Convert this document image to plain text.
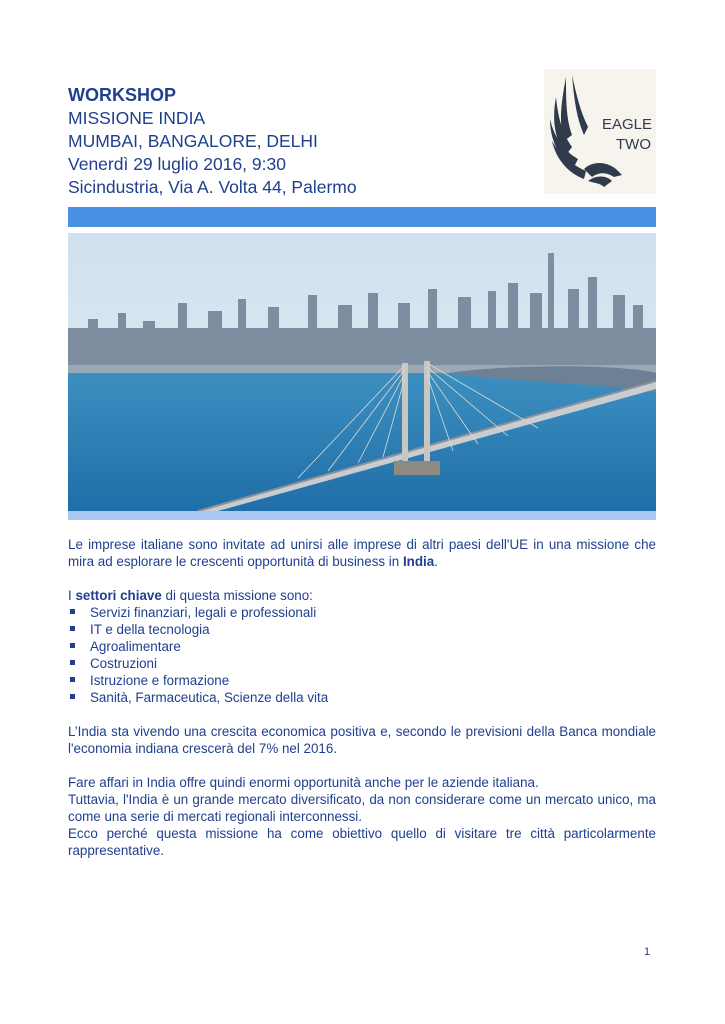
WORKSHOP
MISSIONE INDIA
MUMBAI, BANGALORE, DELHI
Venerdì 29 luglio 2016, 9:30
Sicindustria, Via A. Volta 44, Palermo
EAGLE
TWO

Le imprese italiane sono invitate ad unirsi alle imprese di altri paesi dell'UE in una missione che mira ad esplorare le crescenti opportunità di business in India.

I settori chiave di questa missione sono:

Servizi finanziari, legali e professionali
IT e della tecnologia
Agroalimentare
Costruzioni
Istruzione e formazione
Sanità, Farmaceutica, Scienze della vita

L’India sta vivendo una crescita economica positiva e, secondo le previsioni della Banca mondiale l'economia indiana crescerà del 7% nel 2016.

Fare affari in India offre quindi enormi opportunità anche per le aziende italiana.

Tuttavia, l'India è un grande mercato diversificato, da non considerare come un mercato unico, ma come una serie di mercati regionali interconnessi.

Ecco perché questa missione ha come obiettivo quello di visitare tre città particolarmente rappresentative.

1
